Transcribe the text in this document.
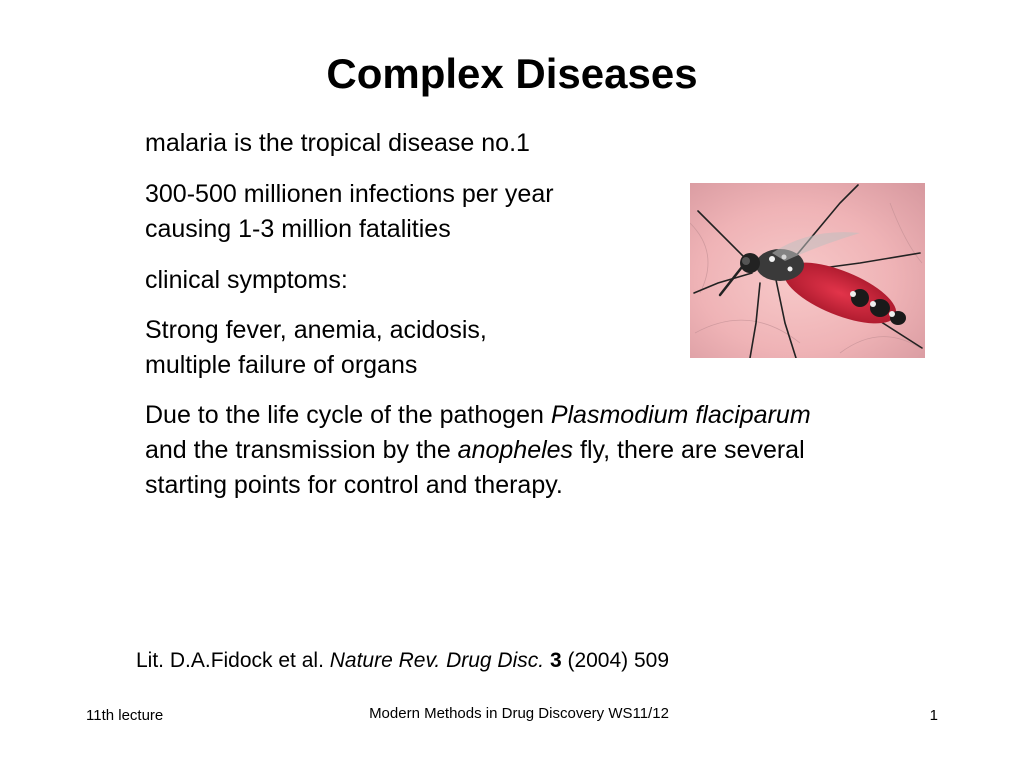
Complex Diseases
malaria is the tropical disease no.1
300-500 millionen infections per year
causing 1-3 million fatalities
clinical symptoms:
Strong fever, anemia, acidosis,
multiple failure of organs
Due to the life cycle of the pathogen Plasmodium flaciparum
and the transmission by the anopheles fly, there are several
starting points for control and therapy.
Lit. D.A.Fidock et al. Nature Rev. Drug Disc. 3 (2004) 509
11th lecture	Modern Methods in Drug Discovery WS11/12	1
